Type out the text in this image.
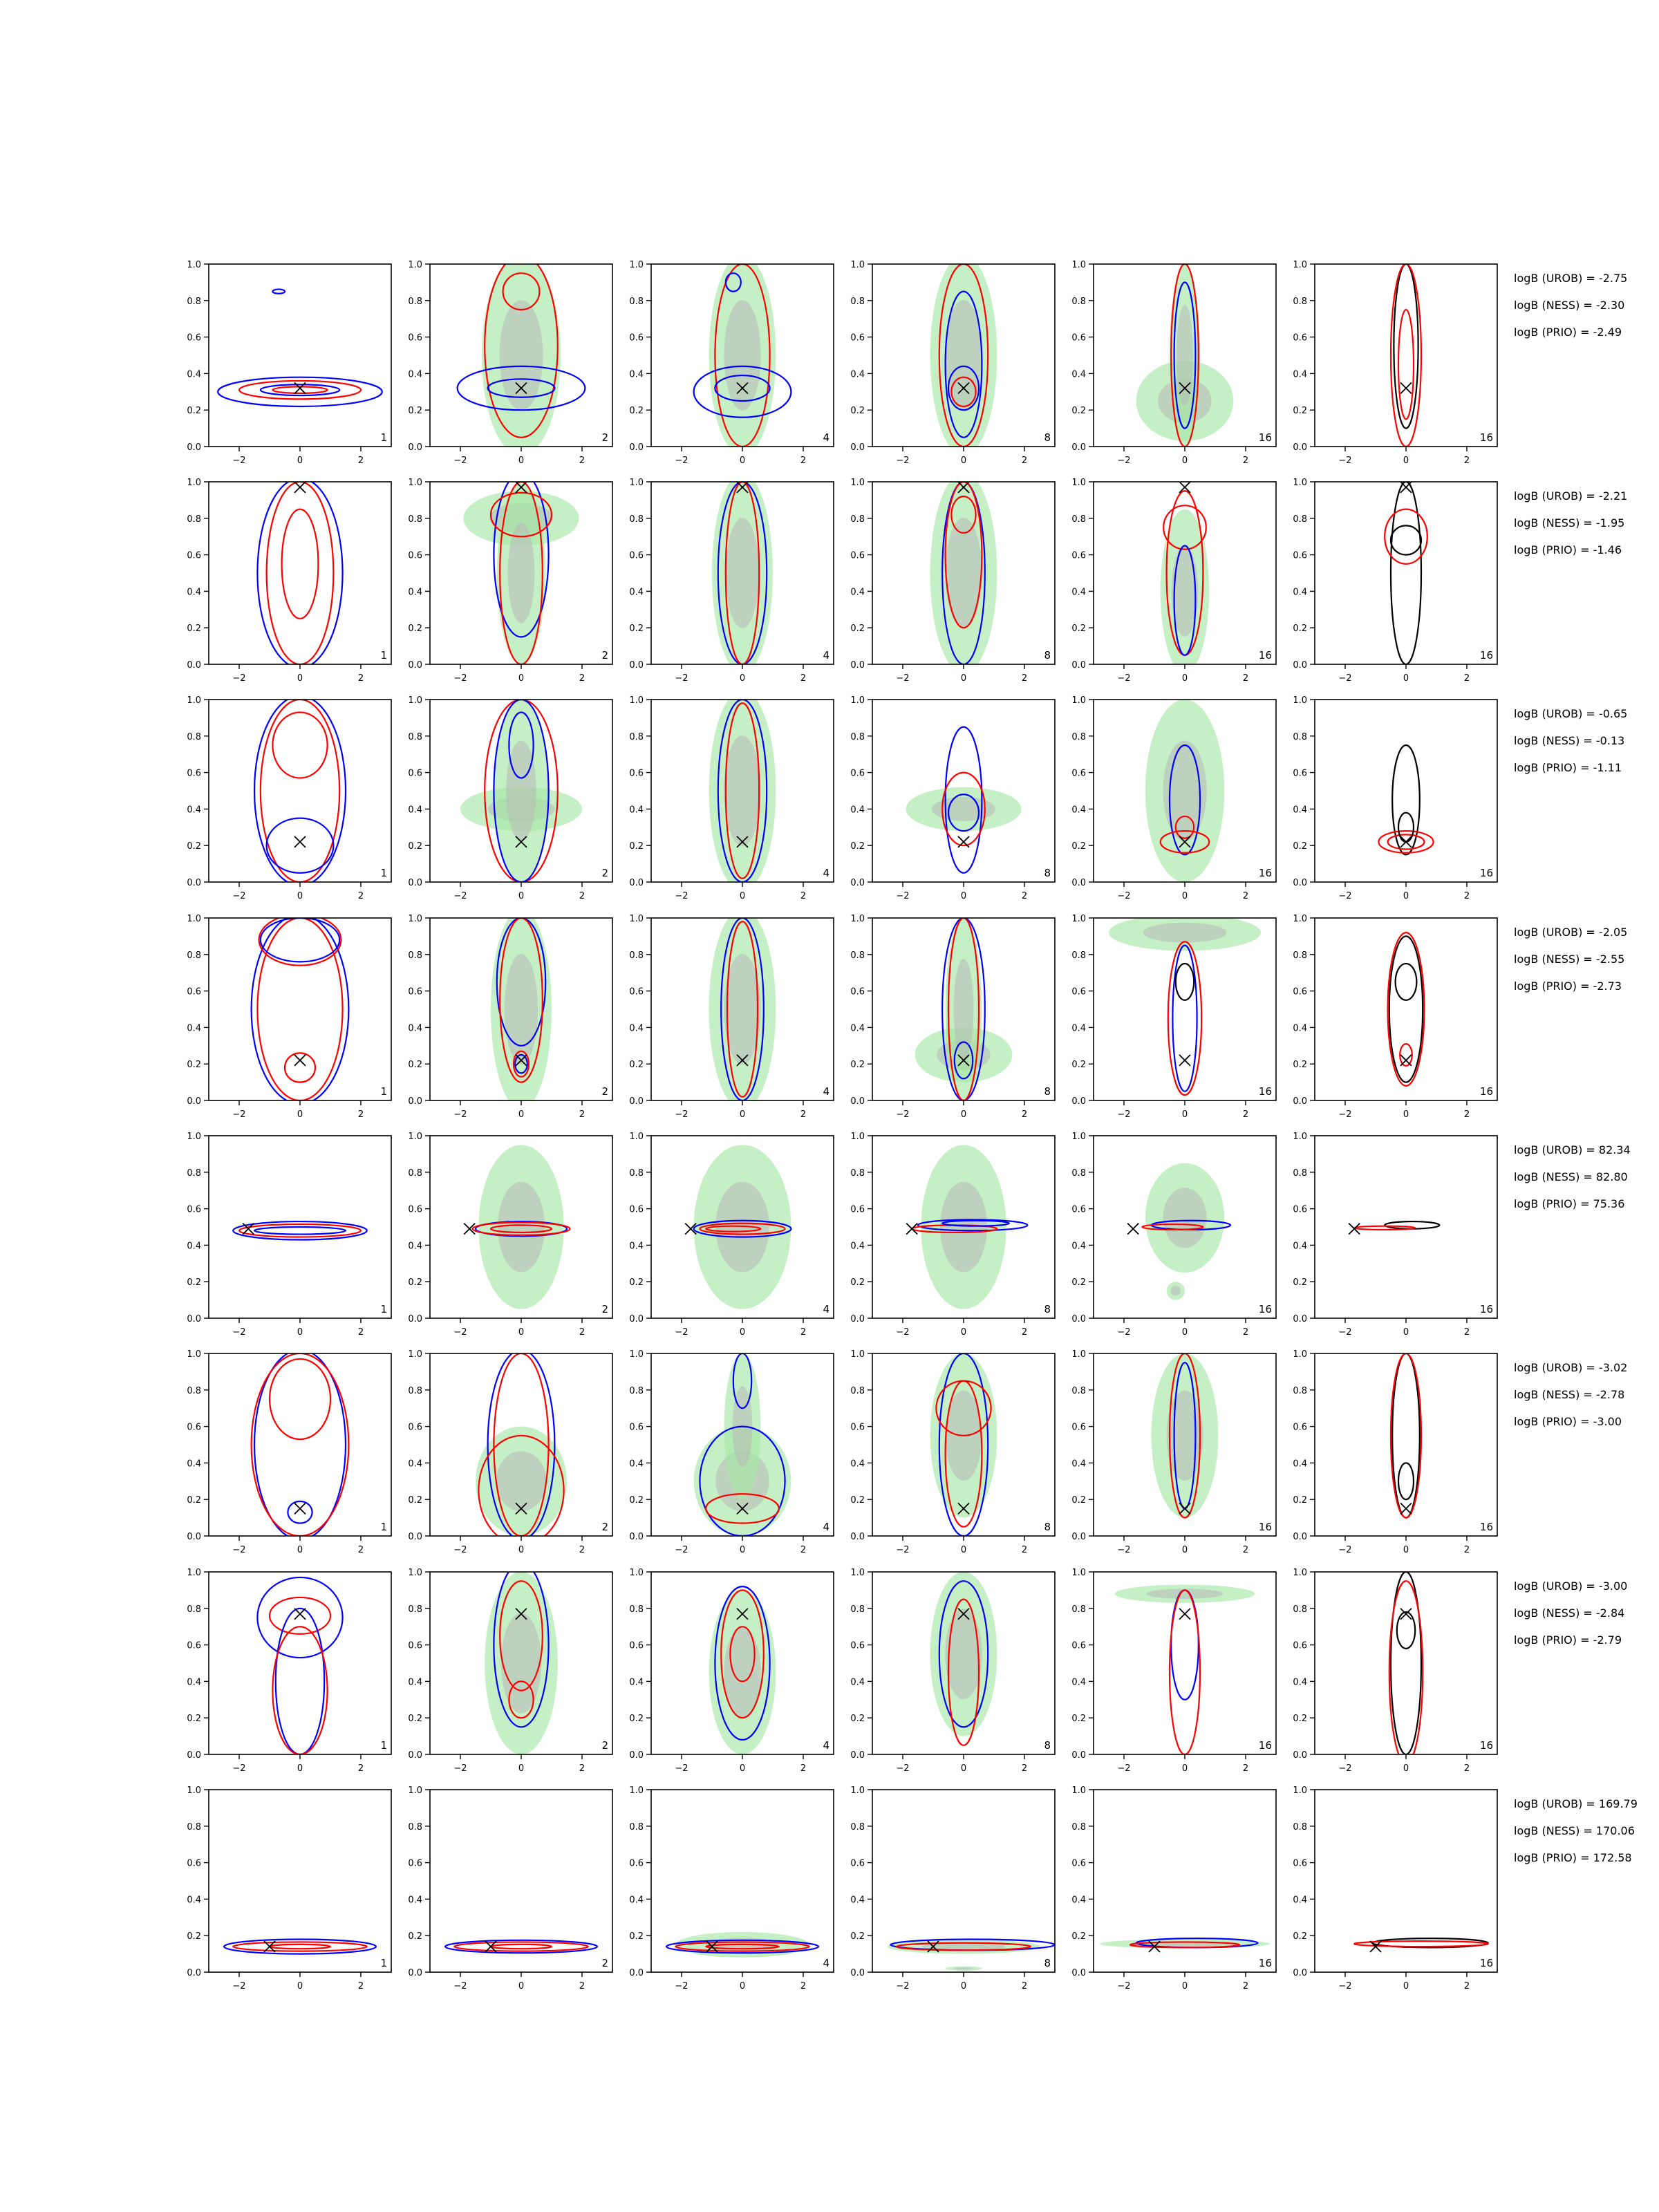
−2	0	2
0.0
0.2
0.4
0.6
0.8
1.0
1
−2	0	2
0.0
0.2
0.4
0.6
0.8
1.0
2
−2	0	2
0.0
0.2
0.4
0.6
0.8
1.0
4
−2	0	2
0.0
0.2
0.4
0.6
0.8
1.0
8
−2	0	2
0.0
0.2
0.4
0.6
0.8
1.0
16
−2	0	2
0.0
0.2
0.4
0.6
0.8
1.0
16
−2	0	2
0.0
0.2
0.4
0.6
0.8
1.0
1
−2	0	2
0.0
0.2
0.4
0.6
0.8
1.0
2
−2	0	2
0.0
0.2
0.4
0.6
0.8
1.0
4
−2	0	2
0.0
0.2
0.4
0.6
0.8
1.0
8
−2	0	2
0.0
0.2
0.4
0.6
0.8
1.0
16
−2	0	2
0.0
0.2
0.4
0.6
0.8
1.0
16
−2	0	2
0.0
0.2
0.4
0.6
0.8
1.0
1
−2	0	2
0.0
0.2
0.4
0.6
0.8
1.0
2
−2	0	2
0.0
0.2
0.4
0.6
0.8
1.0
4
−2	0	2
0.0
0.2
0.4
0.6
0.8
1.0
8
−2	0	2
0.0
0.2
0.4
0.6
0.8
1.0
16
−2	0	2
0.0
0.2
0.4
0.6
0.8
1.0
16
−2	0	2
0.0
0.2
0.4
0.6
0.8
1.0
1
−2	0	2
0.0
0.2
0.4
0.6
0.8
1.0
2
−2	0	2
0.0
0.2
0.4
0.6
0.8
1.0
4
−2	0	2
0.0
0.2
0.4
0.6
0.8
1.0
8
−2	0	2
0.0
0.2
0.4
0.6
0.8
1.0
16
−2	0	2
0.0
0.2
0.4
0.6
0.8
1.0
16
−2	0	2
0.0
0.2
0.4
0.6
0.8
1.0
1
−2	0	2
0.0
0.2
0.4
0.6
0.8
1.0
2
−2	0	2
0.0
0.2
0.4
0.6
0.8
1.0
4
−2	0	2
0.0
0.2
0.4
0.6
0.8
1.0
8
−2	0	2
0.0
0.2
0.4
0.6
0.8
1.0
16
−2	0	2
0.0
0.2
0.4
0.6
0.8
1.0
16
−2	0	2
0.0
0.2
0.4
0.6
0.8
1.0
1
−2	0	2
0.0
0.2
0.4
0.6
0.8
1.0
2
−2	0	2
0.0
0.2
0.4
0.6
0.8
1.0
4
−2	0	2
0.0
0.2
0.4
0.6
0.8
1.0
8
−2	0	2
0.0
0.2
0.4
0.6
0.8
1.0
16
−2	0	2
0.0
0.2
0.4
0.6
0.8
1.0
16
−2	0	2
0.0
0.2
0.4
0.6
0.8
1.0
1
−2	0	2
0.0
0.2
0.4
0.6
0.8
1.0
2
−2	0	2
0.0
0.2
0.4
0.6
0.8
1.0
4
−2	0	2
0.0
0.2
0.4
0.6
0.8
1.0
8
−2	0	2
0.0
0.2
0.4
0.6
0.8
1.0
16
−2	0	2
0.0
0.2
0.4
0.6
0.8
1.0
16
−2	0	2
0.0
0.2
0.4
0.6
0.8
1.0
1
−2	0	2
0.0
0.2
0.4
0.6
0.8
1.0
2
−2	0	2
0.0
0.2
0.4
0.6
0.8
1.0
4
−2	0	2
0.0
0.2
0.4
0.6
0.8
1.0
8
−2	0	2
0.0
0.2
0.4
0.6
0.8
1.0
16
−2	0	2
0.0
0.2
0.4
0.6
0.8
1.0
16
logB (UROB) = -2.75
logB (NESS) = -2.30
logB (PRIO) = -2.49
logB (UROB) = -2.21
logB (NESS) = -1.95
logB (PRIO) = -1.46
logB (UROB) = -0.65
logB (NESS) = -0.13
logB (PRIO) = -1.11
logB (UROB) = -2.05
logB (NESS) = -2.55
logB (PRIO) = -2.73
logB (UROB) = 82.34
logB (NESS) = 82.80
logB (PRIO) = 75.36
logB (UROB) = -3.02
logB (NESS) = -2.78
logB (PRIO) = -3.00
logB (UROB) = -3.00
logB (NESS) = -2.84
logB (PRIO) = -2.79
logB (UROB) = 169.79
logB (NESS) = 170.06
logB (PRIO) = 172.58
